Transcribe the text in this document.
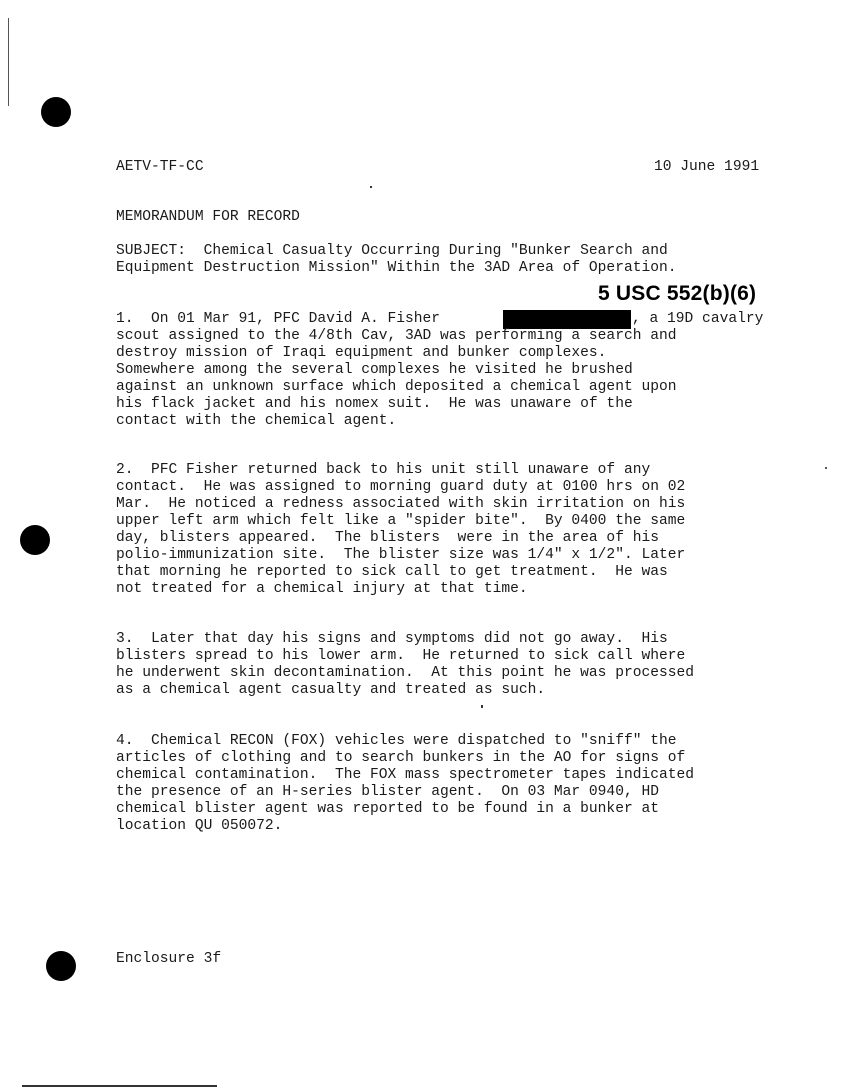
AETV-TF-CC	10 June 1991
MEMORANDUM FOR RECORD
SUBJECT: Chemical Casualty Occurring During "Bunker Search and
Equipment Destruction Mission" Within the 3AD Area of Operation.
5 USC 552(b)(6)
1.  On 01 Mar 91, PFC David A. Fisher
scout assigned to the 4/8th Cav, 3AD was performing a search and
destroy mission of Iraqi equipment and bunker complexes.
Somewhere among the several complexes he visited he brushed
against an unknown surface which deposited a chemical agent upon
his flack jacket and his nomex suit.  He was unaware of the
contact with the chemical agent.
, a 19D cavalry
2.  PFC Fisher returned back to his unit still unaware of any
contact.  He was assigned to morning guard duty at 0100 hrs on 02
Mar.  He noticed a redness associated with skin irritation on his
upper left arm which felt like a "spider bite".  By 0400 the same
day, blisters appeared.  The blisters  were in the area of his
polio-immunization site.  The blister size was 1/4" x 1/2". Later
that morning he reported to sick call to get treatment.  He was
not treated for a chemical injury at that time.
3.  Later that day his signs and symptoms did not go away.  His
blisters spread to his lower arm.  He returned to sick call where
he underwent skin decontamination.  At this point he was processed
as a chemical agent casualty and treated as such.
4.  Chemical RECON (FOX) vehicles were dispatched to "sniff" the
articles of clothing and to search bunkers in the AO for signs of
chemical contamination.  The FOX mass spectrometer tapes indicated
the presence of an H-series blister agent.  On 03 Mar 0940, HD
chemical blister agent was reported to be found in a bunker at
location QU 050072.
Enclosure 3f
